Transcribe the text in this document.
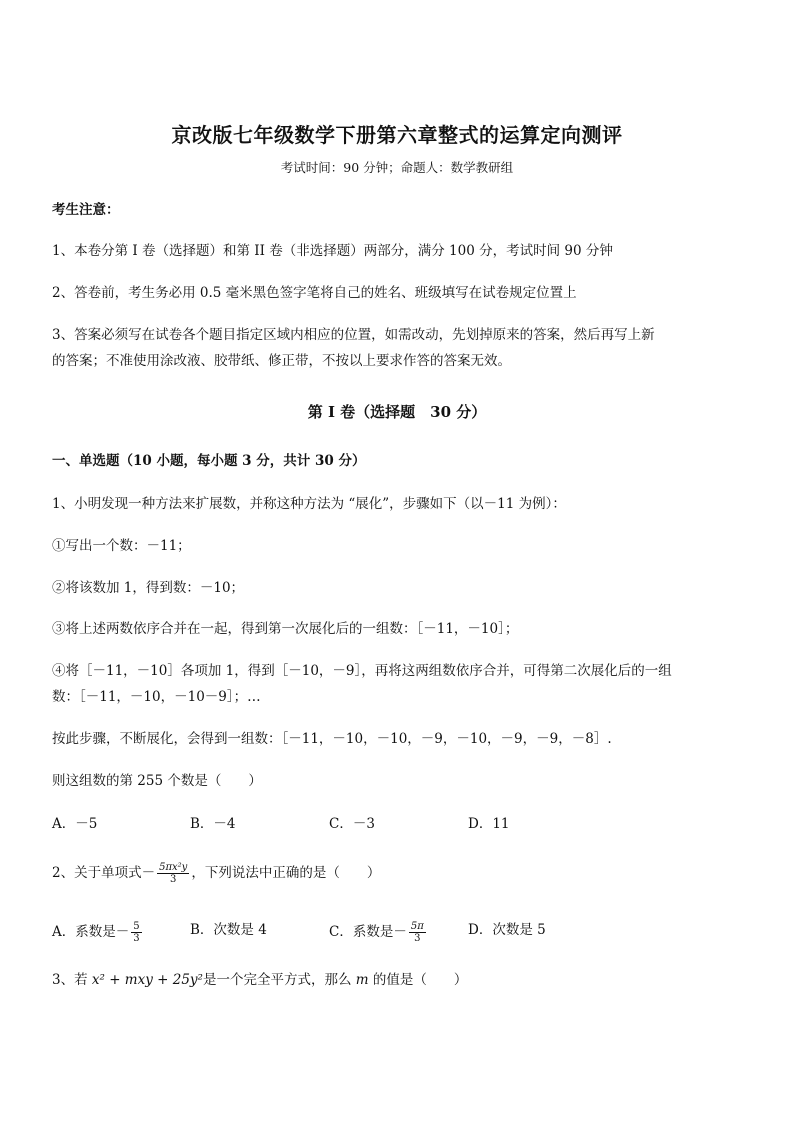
京改版七年级数学下册第六章整式的运算定向测评
考试时间：90 分钟；命题人：数学教研组
考生注意：
1、本卷分第 I 卷（选择题）和第 II 卷（非选择题）两部分，满分 100 分，考试时间 90 分钟
2、答卷前，考生务必用 0.5 毫米黑色签字笔将自己的姓名、班级填写在试卷规定位置上
3、答案必须写在试卷各个题目指定区域内相应的位置，如需改动，先划掉原来的答案，然后再写上新
的答案；不准使用涂改液、胶带纸、修正带，不按以上要求作答的答案无效。
第 I 卷（选择题　30 分）
一、单选题（10 小题，每小题 3 分，共计 30 分）
1、小明发现一种方法来扩展数，并称这种方法为 “展化”，步骤如下（以－11 为例）：
①写出一个数：－11；
②将该数加 1，得到数：－10；
③将上述两数依序合并在一起，得到第一次展化后的一组数：［－11，－10］；
④将［－11，－10］各项加 1，得到［－10，－9］，再将这两组数依序合并，可得第二次展化后的一组
数：［－11，－10，－10－9］；…
按此步骤，不断展化，会得到一组数：［－11，－10，－10，－9，－10，－9，－9，－8］.
则这组数的第 255 个数是（　　）
A．－5	B．－4	C．－3	D．11
2、关于单项式－ $\frac{\text{5πx²y}}{3}$ ，下列说法中正确的是（　　）
A．系数是－ $\frac{5}{3}$	B．次数是 4	C．系数是－ $\frac{5\pi}{3}$	D．次数是 5
3、若 x² + mxy + 25y²是一个完全平方式，那么 m 的值是（　　）
